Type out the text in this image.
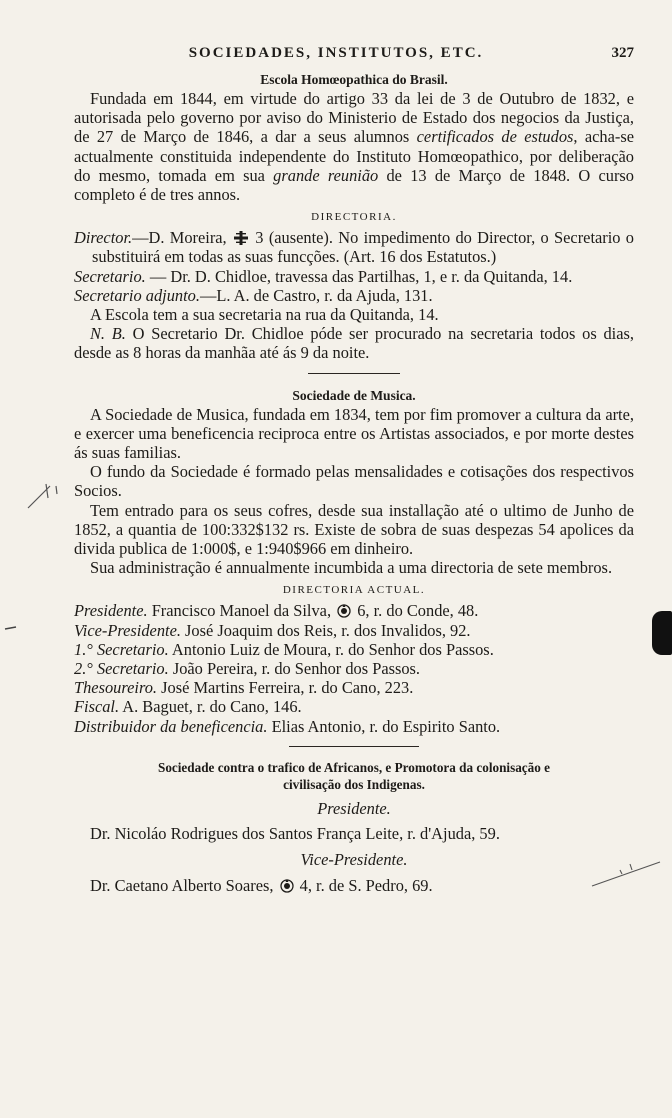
SOCIEDADES, INSTITUTOS, ETC.	327

Escola Homœopathica do Brasil.

Fundada em 1844, em virtude do artigo 33 da lei de 3 de Outubro de 1832, e autorisada pelo governo por aviso do Ministerio de Estado dos negocios da Justiça, de 27 de Março de 1846, a dar a seus alumnos certificados de estudos, acha-se actualmente constituida independente do Instituto Homœopathico, por deliberação do mesmo, tomada em sua grande reunião de 13 de Março de 1848. O curso completo é de tres annos.

DIRECTORIA.

Director.—D. Moreira,
3 (ausente). No impedimento do Director, o Secretario o substituirá em todas as suas funcções. (Art. 16 dos Estatutos.)

Secretario. — Dr. D. Chidloe, travessa das Partilhas, 1, e r. da Quitanda, 14.

Secretario adjunto.—L. A. de Castro, r. da Ajuda, 131.

A Escola tem a sua secretaria na rua da Quitanda, 14.

N. B. O Secretario Dr. Chidloe póde ser procurado na secretaria todos os dias, desde as 8 horas da manhãa até ás 9 da noite.

Sociedade de Musica.

A Sociedade de Musica, fundada em 1834, tem por fim promover a cultura da arte, e exercer uma beneficencia reciproca entre os Artistas associados, e por morte destes ás suas familias.

O fundo da Sociedade é formado pelas mensalidades e cotisações dos respectivos Socios.

Tem entrado para os seus cofres, desde sua installação até o ultimo de Junho de 1852, a quantia de 100:332$132 rs. Existe de sobra de suas despezas 54 apolices da divida publica de 1:000$, e 1:940$966 em dinheiro.

Sua administração é annualmente incumbida a uma directoria de sete membros.

DIRECTORIA ACTUAL.

Presidente. Francisco Manoel da Silva,
6, r. do Conde, 48.

Vice-Presidente. José Joaquim dos Reis, r. dos Invalidos, 92.

1.° Secretario. Antonio Luiz de Moura, r. do Senhor dos Passos.

2.° Secretario. João Pereira, r. do Senhor dos Passos.

Thesoureiro. José Martins Ferreira, r. do Cano, 223.

Fiscal. A. Baguet, r. do Cano, 146.

Distribuidor da beneficencia. Elias Antonio, r. do Espirito Santo.

Sociedade contra o trafico de Africanos, e Promotora da colonisação e
civilisação dos Indigenas.

Presidente.

Dr. Nicoláo Rodrigues dos Santos França Leite, r. d'Ajuda, 59.

Vice-Presidente.

Dr. Caetano Alberto Soares,
4, r. de S. Pedro, 69.
